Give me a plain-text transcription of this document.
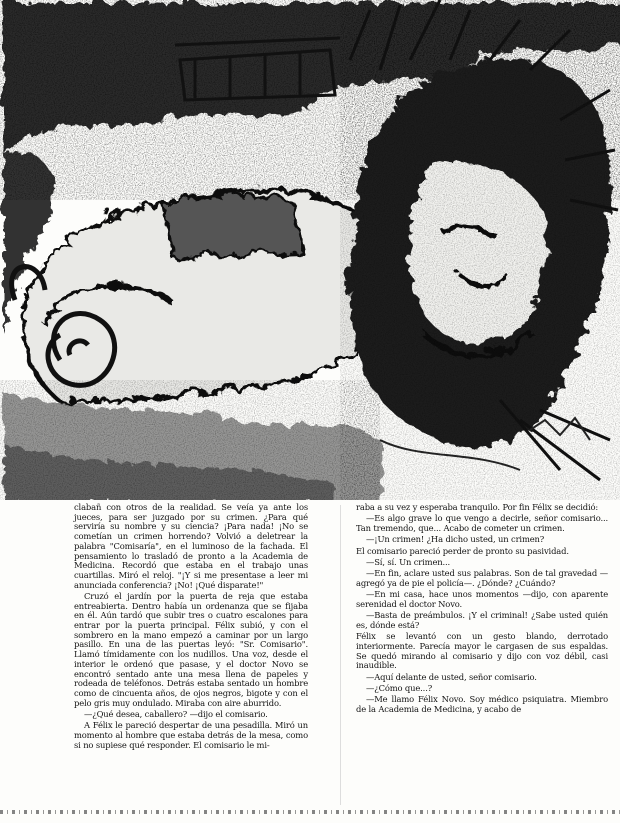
clabañ con otros de la realidad. Se veía ya ante los jueces, para ser juzgado por su crimen. ¿Para qué serviría su nombre y su ciencia? ¡Para nada! ¡No se cometían un crimen horrendo? Volvió a deletrear la palabra "Comisaría", en el luminoso de la fachada. El pensamiento lo trasladó de pronto a la Academia de Medicina. Recordó que estaba en el trabajo unas cuartillas. Miró el reloj. "¡Y si me presentase a leer mi anunciada conferencia? ¡No! ¡Qué disparate!"

Cruzó el jardín por la puerta de reja que estaba entreabierta. Dentro había un ordenanza que se fijaba en él. Aún tardó que subir tres o cuatro escalones para entrar por la puerta principal. Félix subió, y con el sombrero en la mano empezó a caminar por un largo pasillo. En una de las puertas leyó: "Sr. Comisario". Llamó tímidamente con los nudillos. Una voz, desde el interior le ordenó que pasase, y el doctor Novo se encontró sentado ante una mesa llena de papeles y rodeada de teléfonos. Detrás estaba sentado un hombre como de cincuenta años, de ojos negros, bigote y con el pelo gris muy ondulado. Miraba con aire aburrido.

—¿Qué desea, caballero? —dijo el comisario.

A Félix le pareció despertar de una pesadilla. Miró un momento al hombre que estaba detrás de la mesa, como si no supiese qué responder. El comisario le mi-

raba a su vez y esperaba tranquilo. Por fin Félix se decidió:

—Es algo grave lo que vengo a decirle, señor comisario... Tan tremendo, que... Acabo de cometer un crimen.

—¡Un crimen! ¿Ha dicho usted, un crimen?

El comisario pareció perder de pronto su pasividad.

—Sí, sí. Un crimen...

—En fin, aclare usted sus palabras. Son de tal gravedad —agregó ya de pie el policía—. ¿Dónde? ¿Cuándo?

—En mi casa, hace unos momentos —dijo, con aparente serenidad el doctor Novo.

—Basta de preámbulos. ¡Y el criminal! ¿Sabe usted quién es, dónde está?

Félix se levantó con un gesto blando, derrotado interiormente. Parecía mayor le cargasen de sus espaldas. Se quedó mirando al comisario y dijo con voz débil, casi inaudible.

—Aquí delante de usted, señor comisario.

—¿Cómo que...?

—Me llamo Félix Novo. Soy médico psiquiatra. Miembro de la Academia de Medicina, y acabo de
